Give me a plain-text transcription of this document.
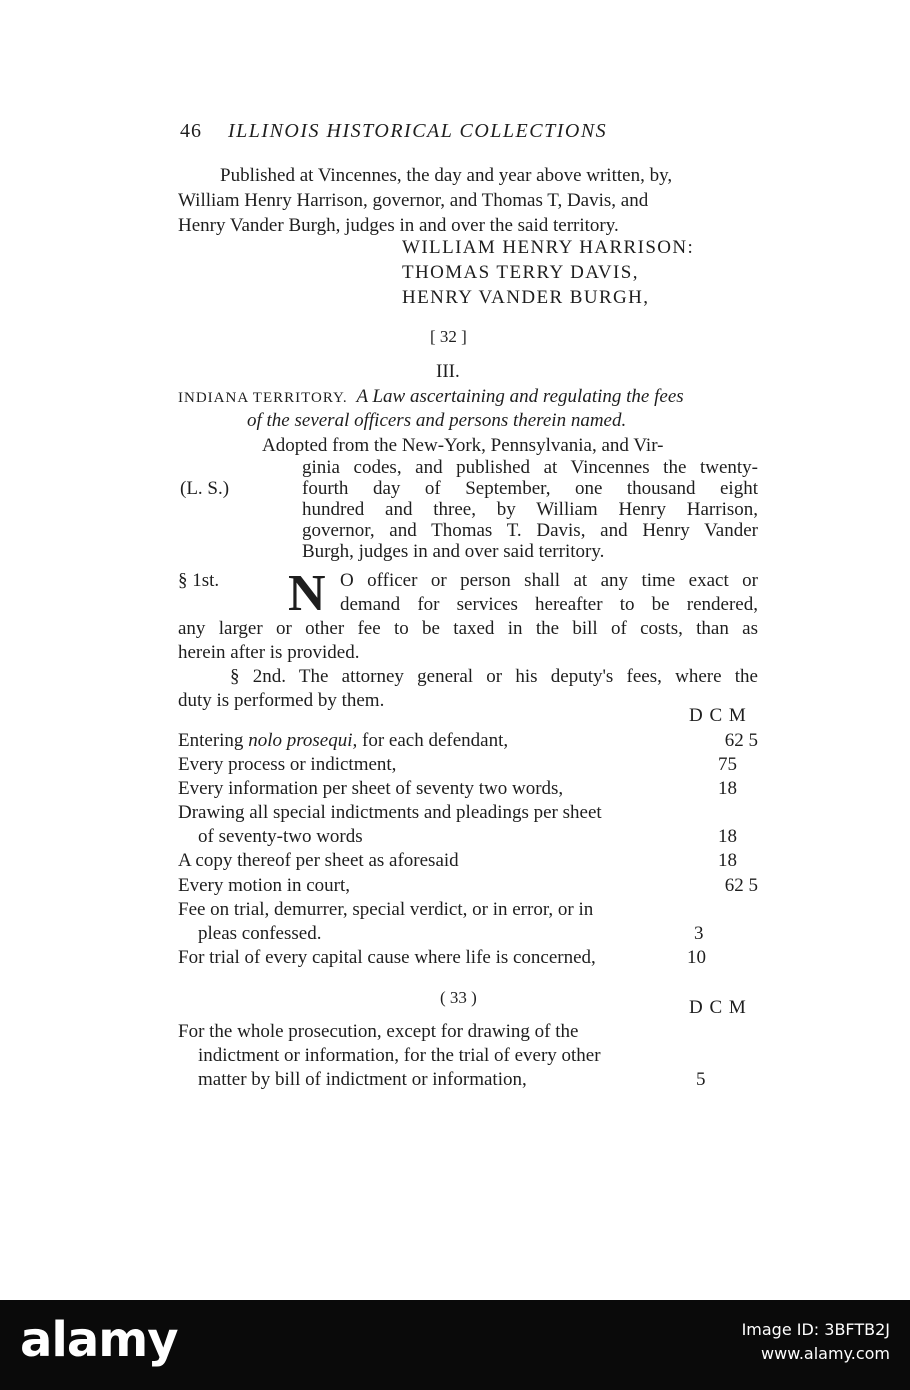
46 ILLINOIS HISTORICAL COLLECTIONS
Published at Vincennes, the day and year above written, by,
William Henry Harrison, governor, and Thomas T, Davis, and
Henry Vander Burgh, judges in and over the said territory.
WILLIAM HENRY HARRISON:
THOMAS TERRY DAVIS,
HENRY VANDER BURGH,
[ 32 ]
III.
INDIANA TERRITORY. A Law ascertaining and regulating the fees
of the several officers and persons therein named.
Adopted from the New-York, Pennsylvania, and Vir-
ginia codes, and published at Vincennes the twenty-
fourth day of September, one thousand eight
hundred and three, by William Henry Harrison,
governor, and Thomas T. Davis, and Henry Vander
Burgh, judges in and over said territory.
(L. S.)
§ 1st. N O officer or person shall at any time exact or
demand for services hereafter to be rendered,
any larger or other fee to be taxed in the bill of costs, than as
herein after is provided.
§ 2nd. The attorney general or his deputy's fees, where the
duty is performed by them.
D C M
Entering nolo prosequi, for each defendant,	62 5
Every process or indictment,	75
Every information per sheet of seventy two words,	18
Drawing all special indictments and pleadings per sheet
of seventy-two words	18
A copy thereof per sheet as aforesaid	18
Every motion in court,	62 5
Fee on trial, demurrer, special verdict, or in error, or in
pleas confessed.	3
For trial of every capital cause where life is concerned,	10
( 33 )	D C M
For the whole prosecution, except for drawing of the
indictment or information, for the trial of every other
matter by bill of indictment or information,	5
alamy	Image ID: 3BFTB2J
www.alamy.com
